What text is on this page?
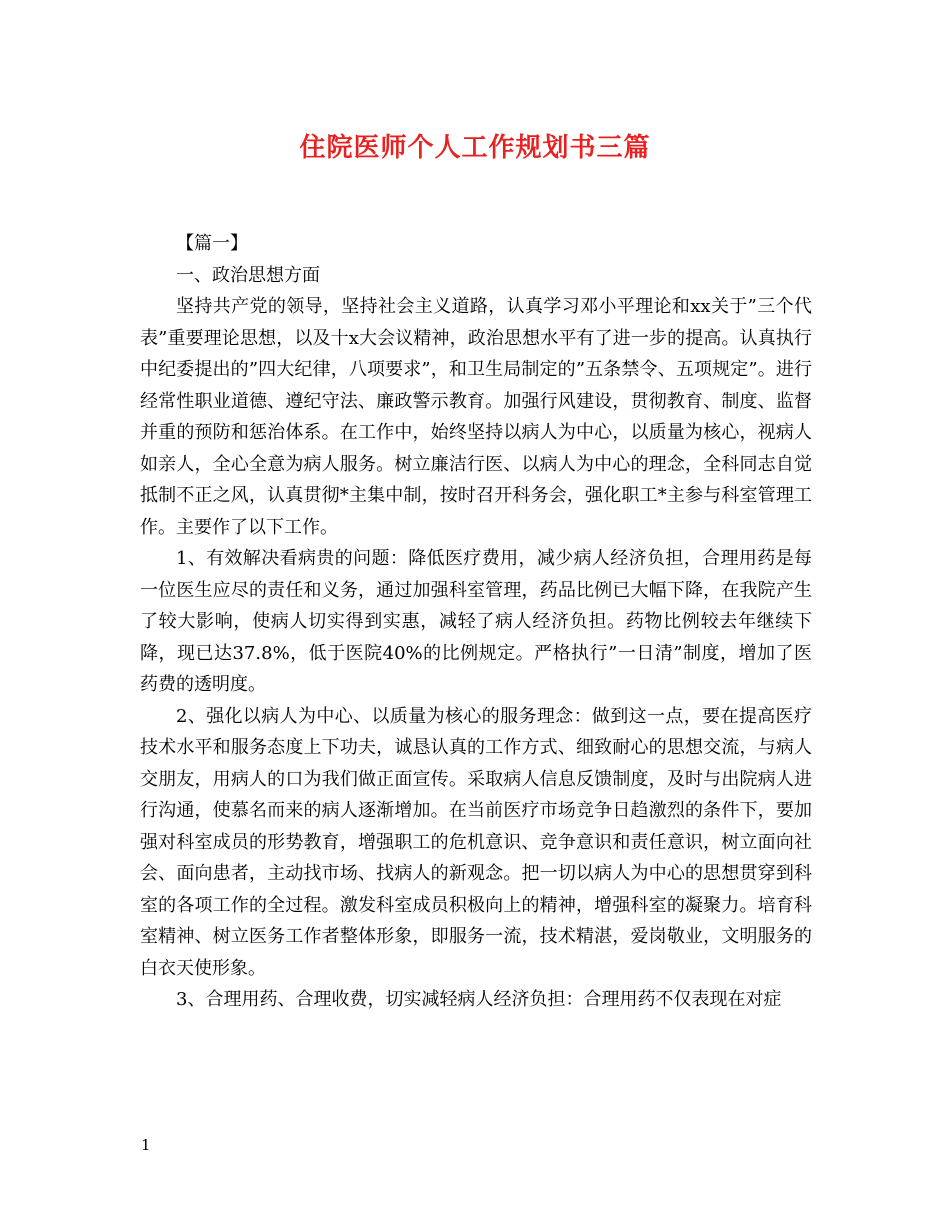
住院医师个人工作规划书三篇

【篇一】

一、政治思想方面

坚持共产党的领导，坚持社会主义道路，认真学习邓小平理论和xx关于”三个代表”重要理论思想，以及十x大会议精神，政治思想水平有了进一步的提高。认真执行中纪委提出的”四大纪律，八项要求”，和卫生局制定的”五条禁令、五项规定”。进行经常性职业道德、遵纪守法、廉政警示教育。加强行风建设，贯彻教育、制度、监督并重的预防和惩治体系。在工作中，始终坚持以病人为中心，以质量为核心，视病人如亲人，全心全意为病人服务。树立廉洁行医、以病人为中心的理念，全科同志自觉抵制不正之风，认真贯彻*主集中制，按时召开科务会，强化职工*主参与科室管理工作。主要作了以下工作。

1、有效解决看病贵的问题：降低医疗费用，减少病人经济负担，合理用药是每一位医生应尽的责任和义务，通过加强科室管理，药品比例已大幅下降，在我院产生了较大影响，使病人切实得到实惠，减轻了病人经济负担。药物比例较去年继续下降，现已达37.8%，低于医院40%的比例规定。严格执行”一日清”制度，增加了医药费的透明度。

2、强化以病人为中心、以质量为核心的服务理念：做到这一点，要在提高医疗技术水平和服务态度上下功夫，诚恳认真的工作方式、细致耐心的思想交流，与病人交朋友，用病人的口为我们做正面宣传。采取病人信息反馈制度，及时与出院病人进行沟通，使慕名而来的病人逐渐增加。在当前医疗市场竞争日趋激烈的条件下，要加强对科室成员的形势教育，增强职工的危机意识、竞争意识和责任意识，树立面向社会、面向患者，主动找市场、找病人的新观念。把一切以病人为中心的思想贯穿到科室的各项工作的全过程。激发科室成员积极向上的精神，增强科室的凝聚力。培育科室精神、树立医务工作者整体形象，即服务一流，技术精湛，爱岗敬业，文明服务的白衣天使形象。

3、合理用药、合理收费，切实减轻病人经济负担：合理用药不仅表现在对症

1
